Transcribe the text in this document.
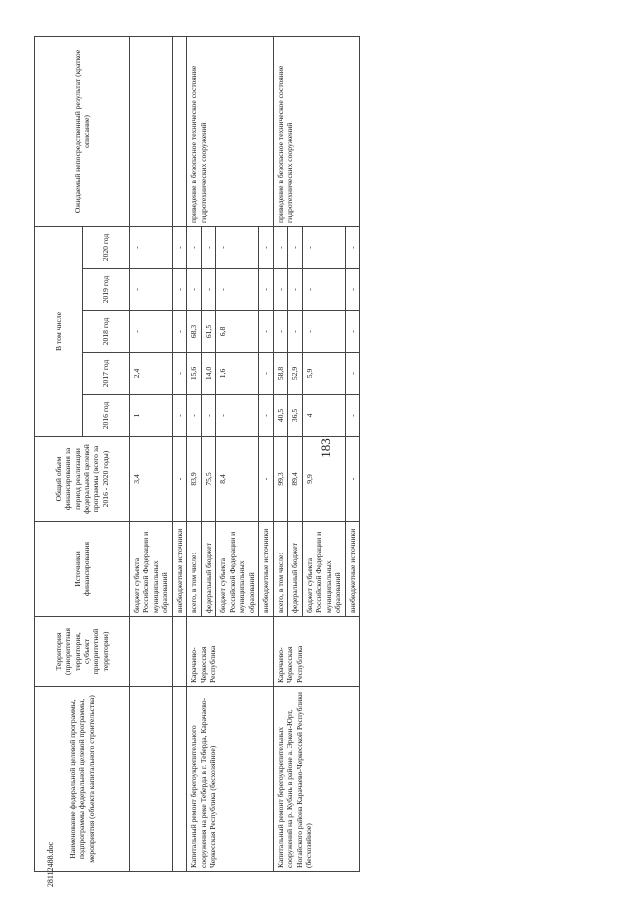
183
28112488.doc
Наименование федеральной целевой программы, подпрограммы федеральной целевой программы, мероприятия (объекта капитального строительства)	Территория (приоритетная территория, субъект приоритетной территории)	Источники финансирования	Общий объем финансирования за период реализации федеральной целевой программы (всего за 2016 - 2020 годы)	В том числе					Ожидаемый непосредственный результат (краткое описание)
				2016 год	2017 год	2018 год	2019 год	2020 год	
		бюджет субъекта Российской Федерации и муниципальных образований	3,4	1	2,4	-	-	-	
		внебюджетные источники	-	-	-	-	-	-	
Капитальный ремонт берегоукрепительного сооружения на реке Теберда в г. Теберда, Карачаево-Черкесская Республика (бесхозяйное)	Карачаево-Черкесская Республика	всего, в том числе:	83,9	-	15,6	68,3	-	-	приведение в безопасное техническое состояние гидротехнических сооружений
		федеральный бюджет	75,5	-	14,0	61,5	-	-	
		бюджет субъекта Российской Федерации и муниципальных образований	8,4	-	1,6	6,8	-	-	
		внебюджетные источники	-	-	-	-	-	-	
Капитальный ремонт берегоукрепительных сооружений на р. Кубань в районе а. Эркен-Юрт, Ногайского района Карачаево-Черкесской Республики (бесхозяйное)	Карачаево-Черкесская Республика	всего, в том числе:	99,3	40,5	58,8	-	-	-	приведение в безопасное техническое состояние гидротехнических сооружений
		федеральный бюджет	89,4	36,5	52,9	-	-	-	
		бюджет субъекта Российской Федерации и муниципальных образований	9,9	4	5,9	-	-	-	
		внебюджетные источники	-	-	-	-	-	-	
